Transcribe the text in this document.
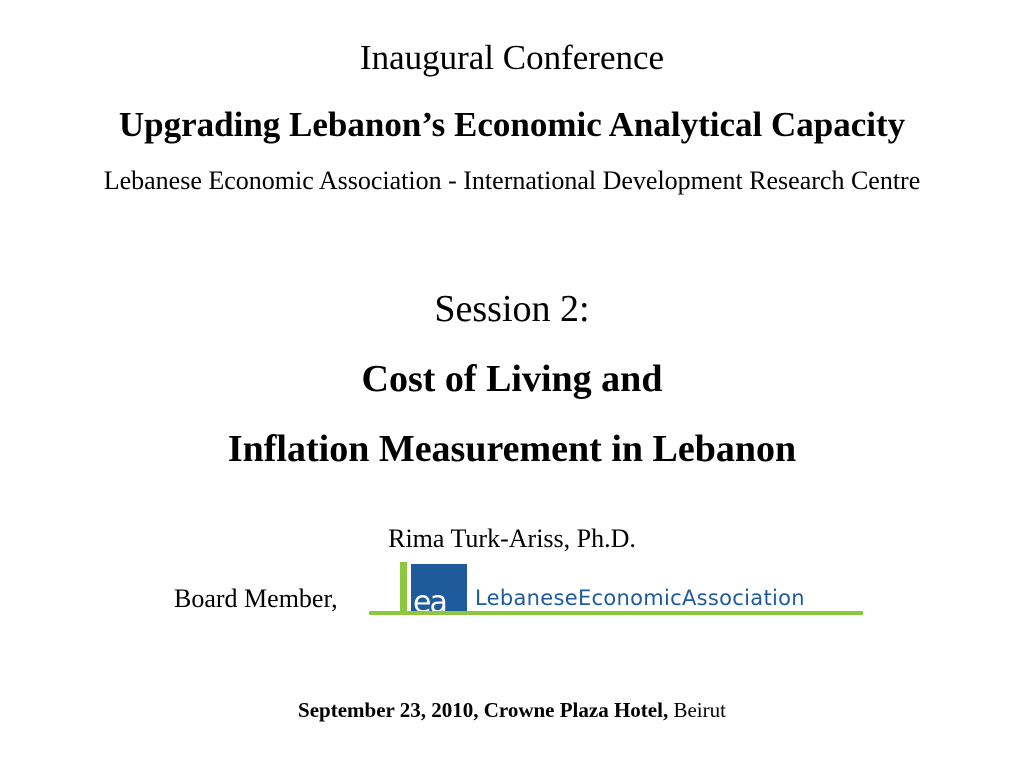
Inaugural Conference
Upgrading Lebanon’s Economic Analytical Capacity
Lebanese Economic Association - International Development Research Centre
Session 2:
Cost of Living and
Inflation Measurement in Lebanon
Rima Turk-Ariss, Ph.D.
Board Member,	ea LebaneseEconomicAssociation
September 23, 2010, Crowne Plaza Hotel, Beirut
